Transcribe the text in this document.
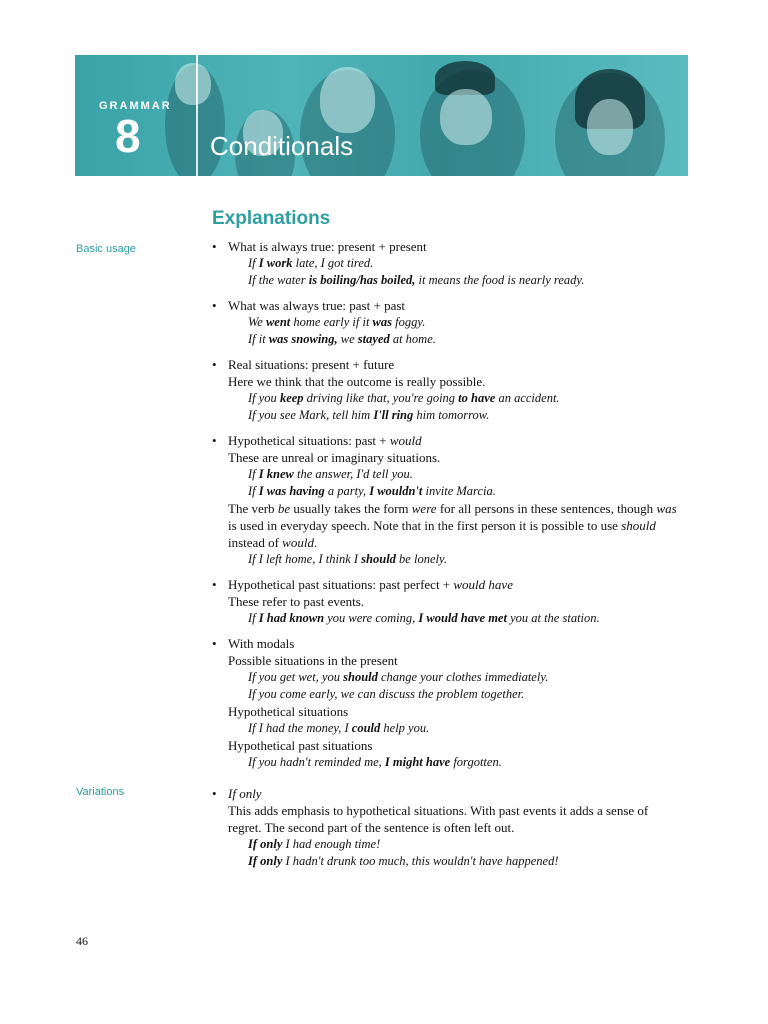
GRAMMAR
8	Conditionals
Explanations
Basic usage
Variations
• What is always true: present + present
If I work late, I got tired.
If the water is boiling/has boiled, it means the food is nearly ready.
• What was always true: past + past
We went home early if it was foggy.
If it was snowing, we stayed at home.
• Real situations: present + future
Here we think that the outcome is really possible.
If you keep driving like that, you're going to have an accident.
If you see Mark, tell him I'll ring him tomorrow.
• Hypothetical situations: past + would
These are unreal or imaginary situations.
If I knew the answer, I'd tell you.
If I was having a party, I wouldn't invite Marcia.
The verb be usually takes the form were for all persons in these sentences, though was is used in everyday speech. Note that in the first person it is possible to use should instead of would.
If I left home, I think I should be lonely.
• Hypothetical past situations: past perfect + would have
These refer to past events.
If I had known you were coming, I would have met you at the station.
• With modals
Possible situations in the present
If you get wet, you should change your clothes immediately.
If you come early, we can discuss the problem together.
Hypothetical situations
If I had the money, I could help you.
Hypothetical past situations
If you hadn't reminded me, I might have forgotten.
• If only
This adds emphasis to hypothetical situations. With past events it adds a sense of regret. The second part of the sentence is often left out.
If only I had enough time!
If only I hadn't drunk too much, this wouldn't have happened!
46
